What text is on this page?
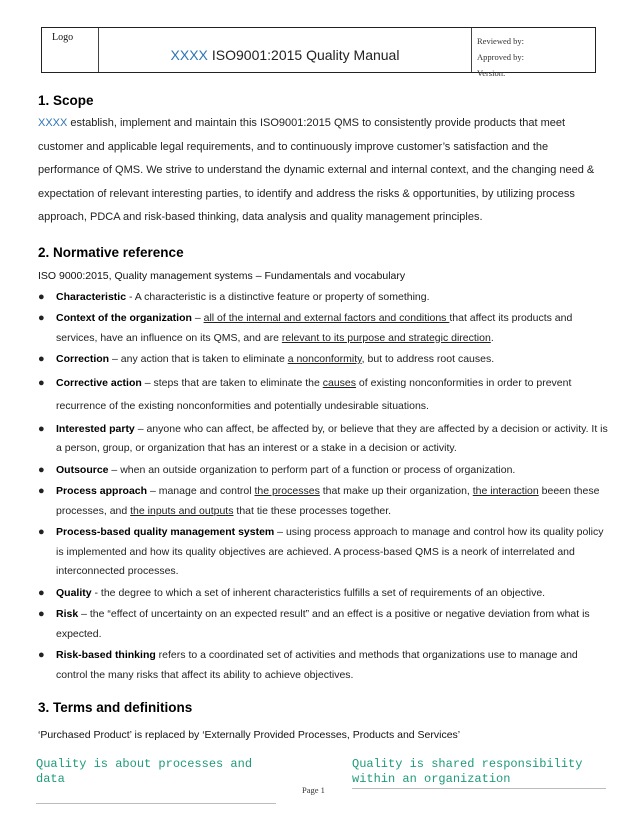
Logo
XXXX ISO9001:2015 Quality Manual
Reviewed by:
Approved by:
Version:
1. Scope

XXXX establish, implement and maintain this ISO9001:2015 QMS to consistently provide products that meet customer and applicable legal requirements, and to continuously improve customer’s satisfaction and the performance of QMS. We strive to understand the dynamic external and internal context, and the changing need & expectation of relevant interesting parties, to identify and address the risks & opportunities, by utilizing process approach, PDCA and risk-based thinking, data analysis and quality management principles.

2. Normative reference

ISO 9000:2015, Quality management systems – Fundamentals and vocabulary

● Characteristic - A characteristic is a distinctive feature or property of something.
● Context of the organization – all of the internal and external factors and conditions that affect its products and services, have an influence on its QMS, and are relevant to its purpose and strategic direction.
● Correction – any action that is taken to eliminate a nonconformity, but to address root causes.
● Corrective action – steps that are taken to eliminate the causes of existing nonconformities in order to prevent recurrence of the existing nonconformities and potentially undesirable situations.
● Interested party – anyone who can affect, be affected by, or believe that they are affected by a decision or activity. It is a person, group, or organization that has an interest or a stake in a decision or activity.
● Outsource – when an outside organization to perform part of a function or process of organization.
● Process approach – manage and control the processes that make up their organization, the interaction beeen these processes, and the inputs and outputs that tie these processes together.
● Process-based quality management system – using process approach to manage and control how its quality policy is implemented and how its quality objectives are achieved. A process-based QMS is a neork of interrelated and interconnected processes.
● Quality - the degree to which a set of inherent characteristics fulfills a set of requirements of an objective.
● Risk – the “effect of uncertainty on an expected result” and an effect is a positive or negative deviation from what is expected.
● Risk-based thinking refers to a coordinated set of activities and methods that organizations use to manage and control the many risks that affect its ability to achieve objectives.
3. Terms and definitions

‘Purchased Product’ is replaced by ‘Externally Provided Processes, Products and Services’

Quality is about processes and data
Page 1
Quality is shared responsibility within an organization
